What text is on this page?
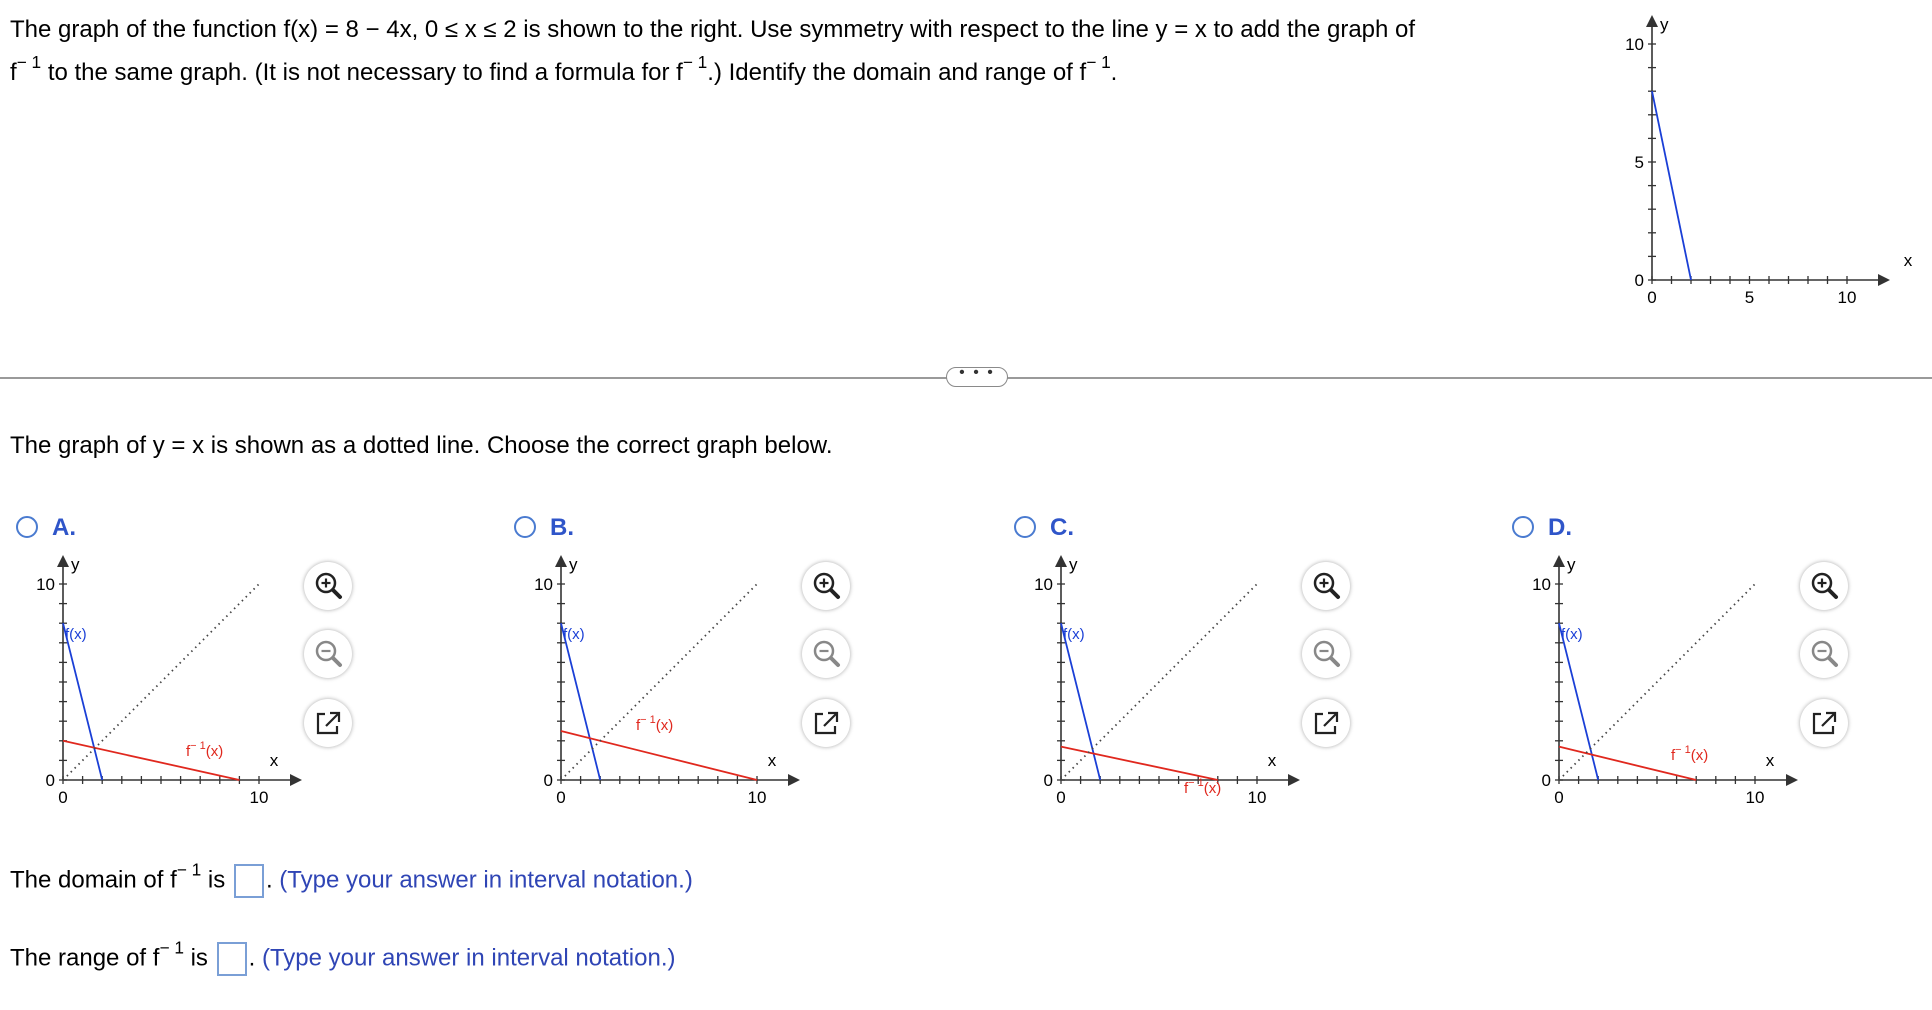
The graph of the function f(x) = 8 − 4x, 0 ≤ x ≤ 2 is shown to the right. Use symmetry with respect to the line y = x to add the graph of
$f^{- 1}$ to the same graph. (It is not necessary to find a formula for $f^{- 1}$.) Identify the domain and range of $f^{- 1}$.
0	5	10
0
5
10
y
x
• • •
The graph of y = x is shown as a dotted line. Choose the correct graph below.
A.
0	10
0
10
y
x
f(x)
$f^{- 1}(x)$
B.
0	10
0
10
y
x
f(x)
$f^{- 1}(x)$
C.
0	10
0
10
y
x
f(x)
$f^{- 1}(x)$
D.
0	10
0
10
y
x
f(x)
$f^{- 1}(x)$
The domain of $f^{- 1}$ is . (Type your answer in interval notation.)
The range of $f^{- 1}$ is . (Type your answer in interval notation.)
